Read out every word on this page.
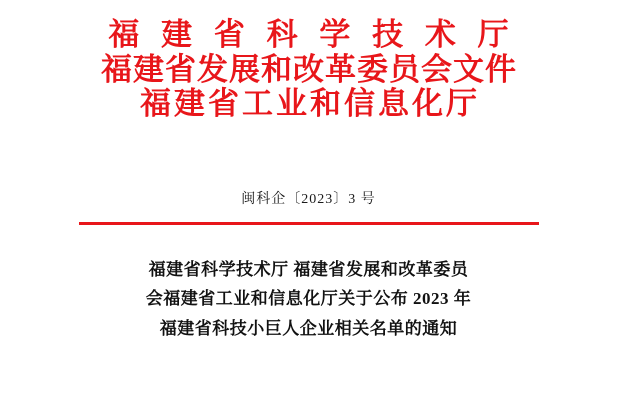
福 建 省 科 学 技 术 厅
福建省发展和改革委员会文件
福建省工业和信息化厅
闽科企〔2023〕3 号
福建省科学技术厅 福建省发展和改革委员
会福建省工业和信息化厅关于公布 2023 年
福建省科技小巨人企业相关名单的通知
